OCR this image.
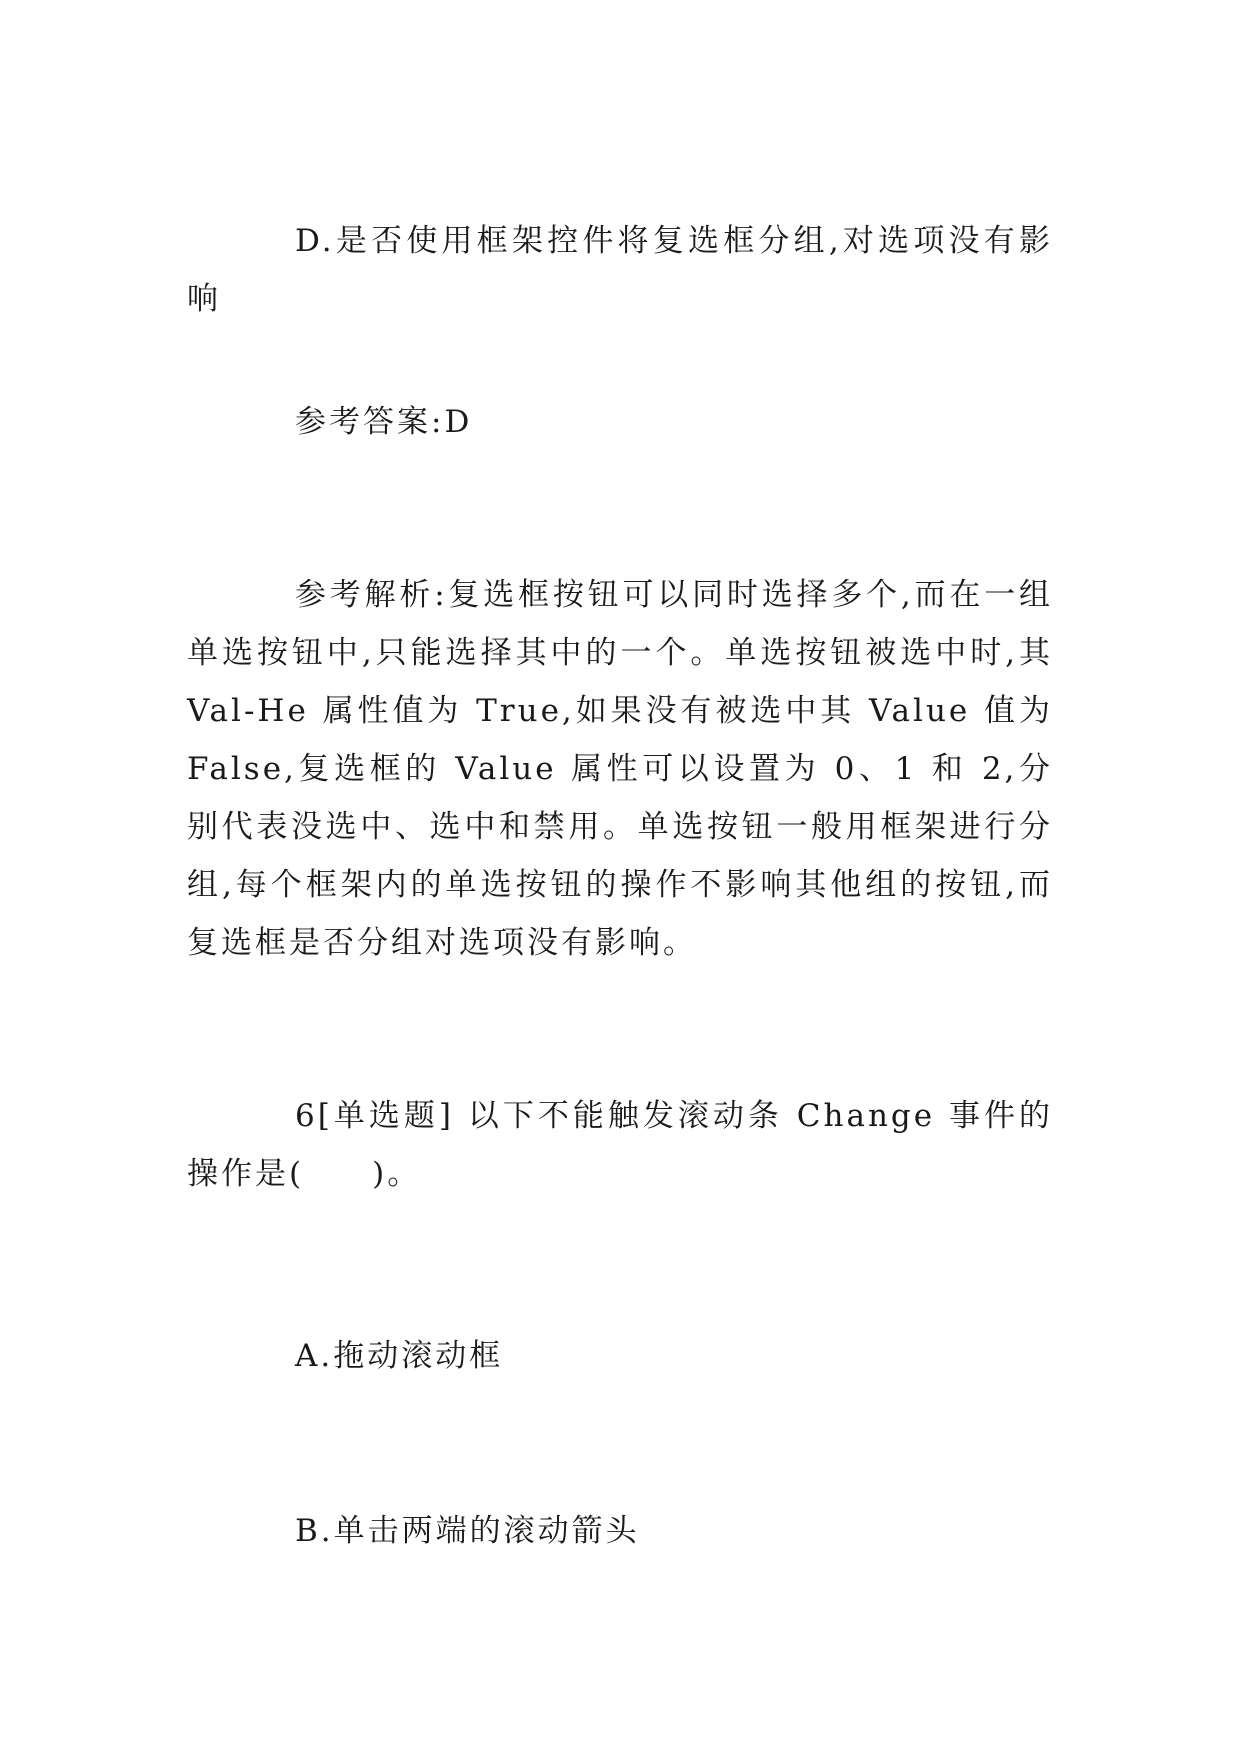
D.是否使用框架控件将复选框分组,对选项没有影响

参考答案:D

参考解析:复选框按钮可以同时选择多个,而在一组单选按钮中,只能选择其中的一个。单选按钮被选中时,其Val-He 属性值为 True,如果没有被选中其 Value 值为False,复选框的 Value 属性可以设置为 0、1 和 2,分别代表没选中、选中和禁用。单选按钮一般用框架进行分组,每个框架内的单选按钮的操作不影响其他组的按钮,而复选框是否分组对选项没有影响。

6[单选题] 以下不能触发滚动条 Change 事件的操作是(　　)。

A.拖动滚动框

B.单击两端的滚动箭头
